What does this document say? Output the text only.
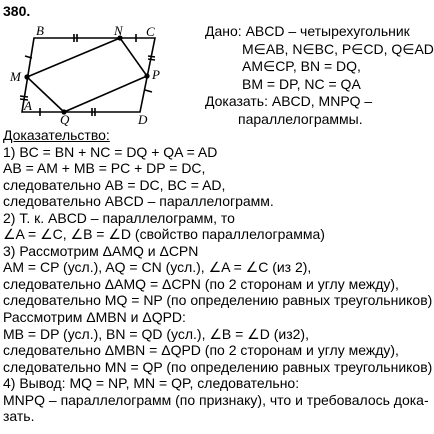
380.
B	N C
M	P
A
D
Q
Дано: ABCD – четырехугольник

M∈AB, N∈BC, P∈CD, Q∈AD
AM∈CP, BN = DQ,
BM = DP, NC = QA
Доказать: ABCD, MNPQ –

параллелограммы.
Доказательство:
1) BC = BN + NC = DQ + QA = AD
AB = AM + MB = PC + DP = DC,
следовательно AB = DC, BC = AD,
следовательно ABCD – параллелограмм.
2) Т. к. ABCD – параллелограмм, то
∠A = ∠C, ∠B = ∠D (свойство параллелограмма)
3) Рассмотрим ΔAMQ и ΔCPN
AM = CP (усл.), AQ = CN (усл.), ∠A = ∠C (из 2),
следовательно ΔAMQ = ΔCPN (по 2 сторонам и углу между),
следовательно MQ = NP (по определению равных треугольников)
Рассмотрим ΔMBN и ΔQPD:
MB = DP (усл.), BN = QD (усл.), ∠B = ∠D (из2),
следовательно ΔMBN = ΔQPD (по 2 сторонам и углу между),
следовательно MN = QP (по определению равных треугольников)
4) Вывод: MQ = NP, MN = QP, следовательно:
MNPQ – параллелограмм (по признаку), что и требовалось дока-
зать.
